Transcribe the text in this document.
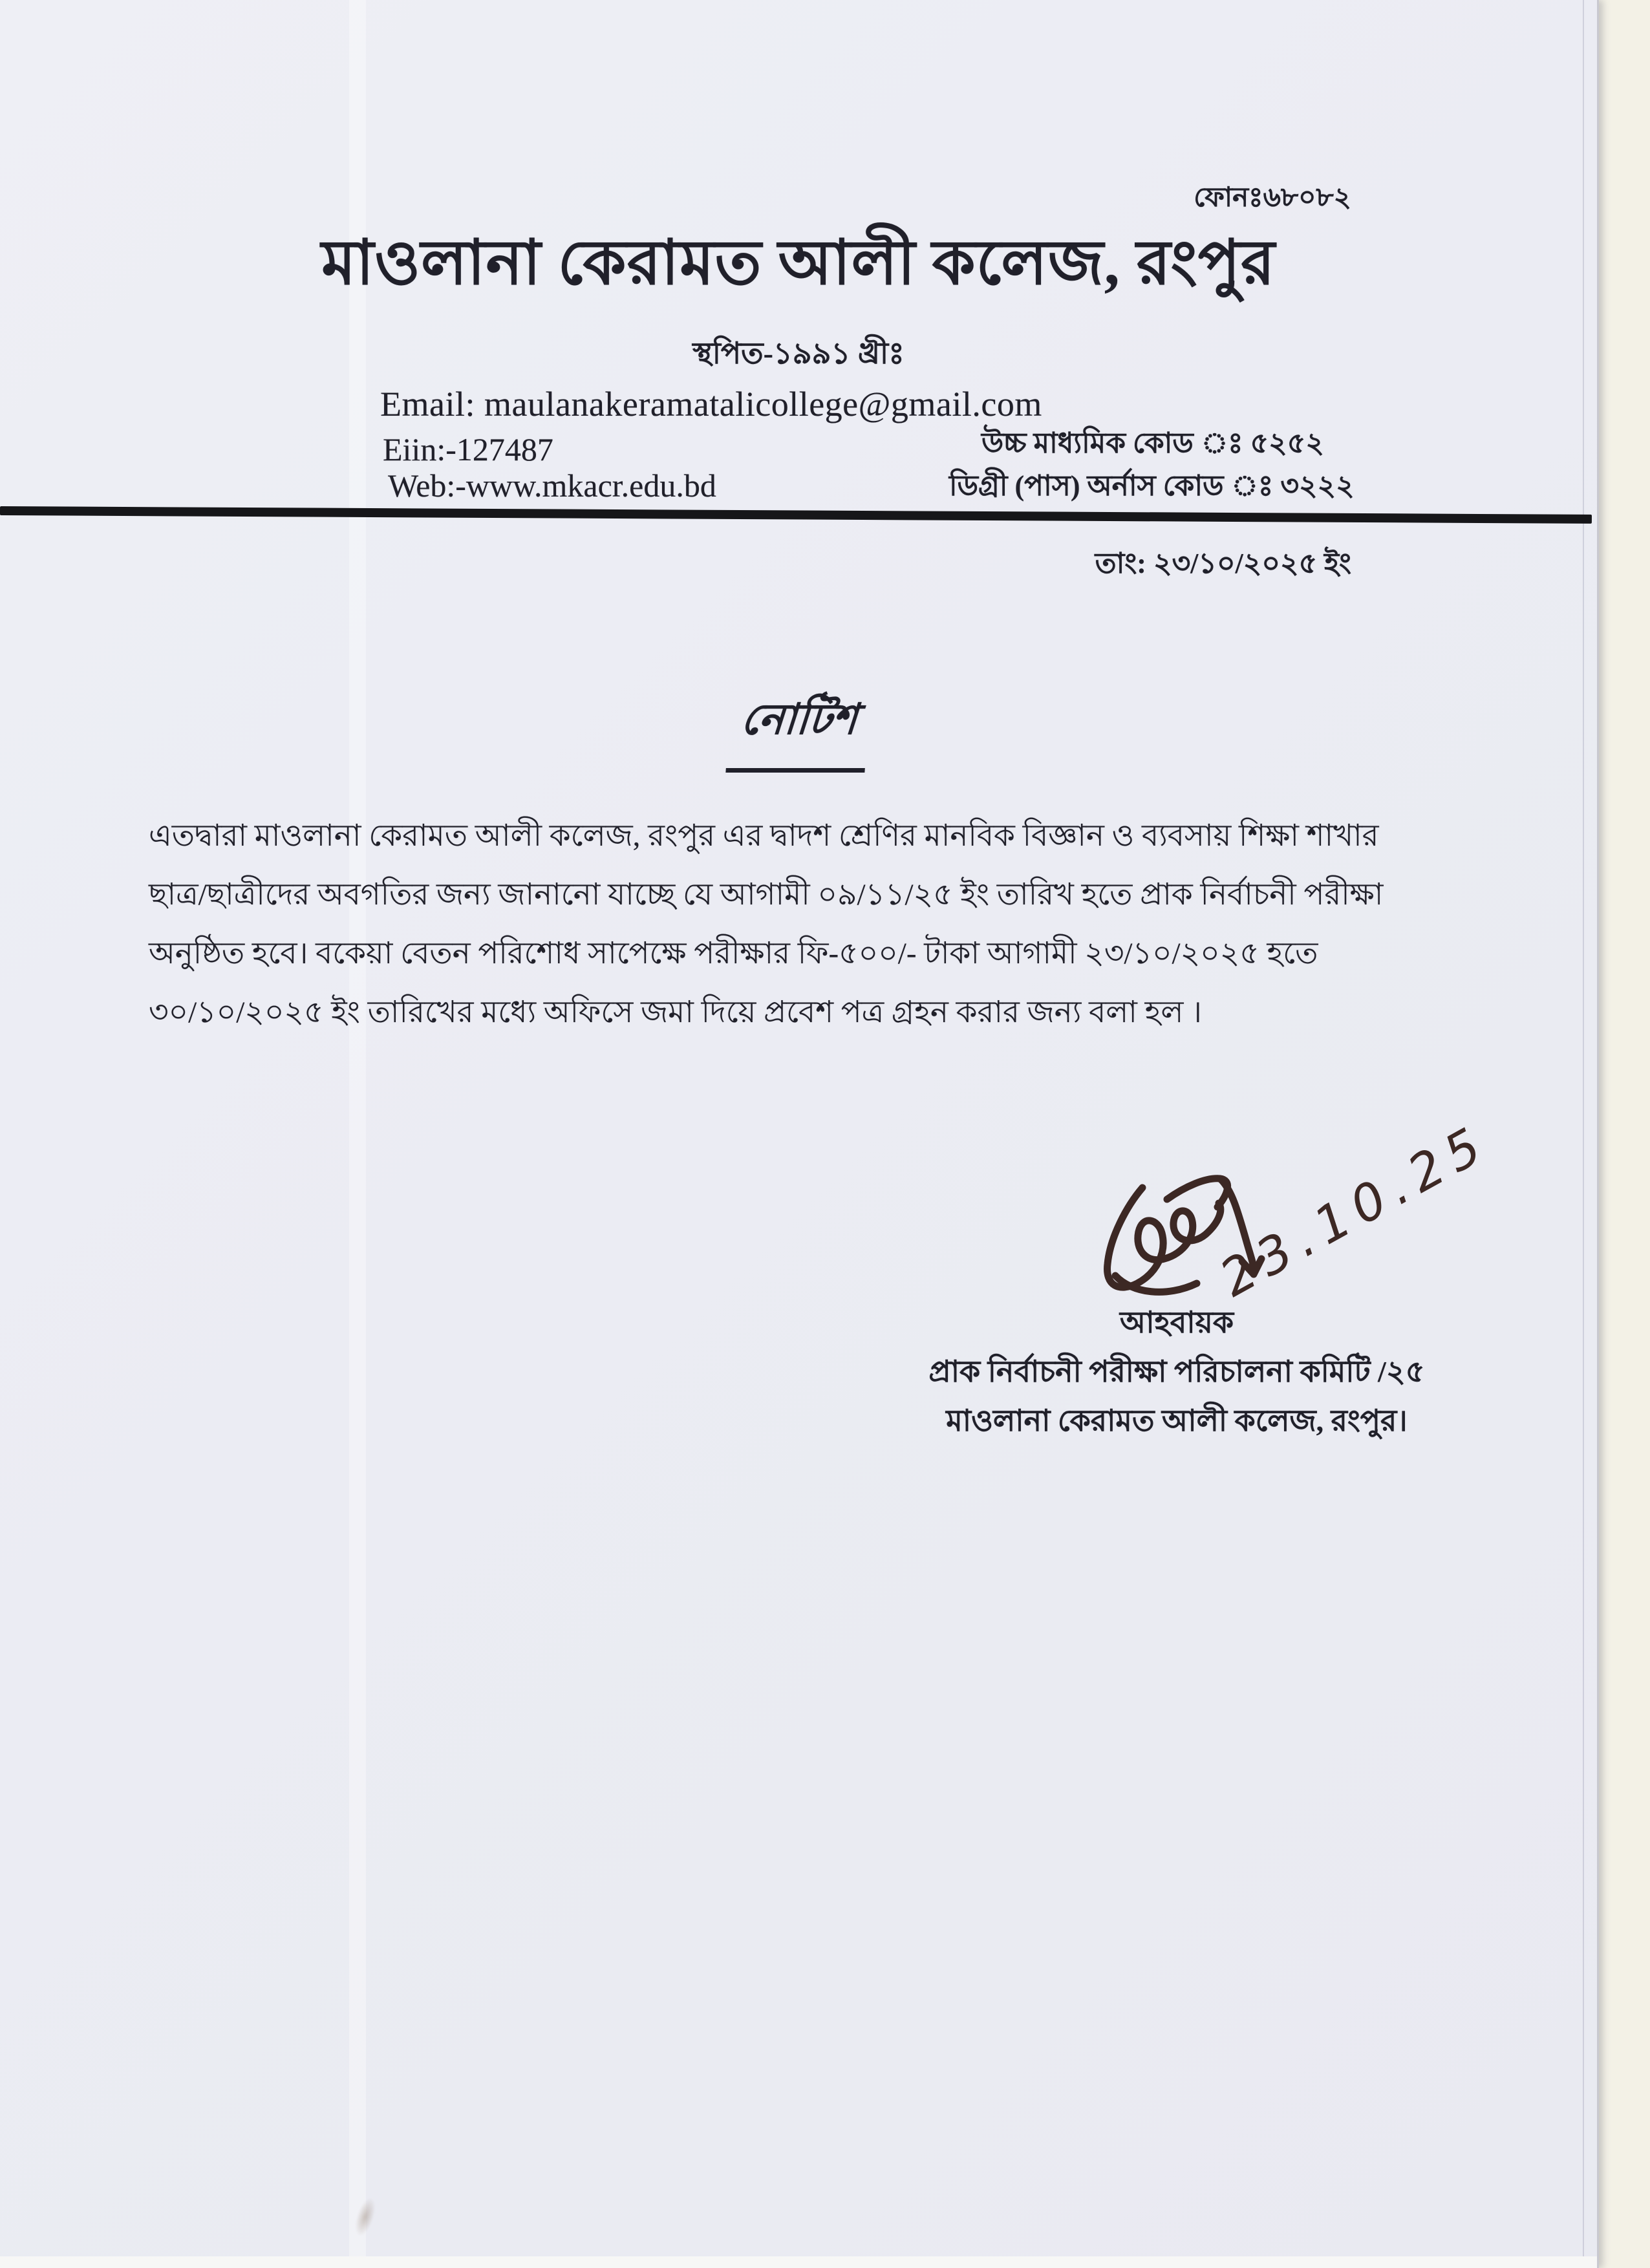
ফোনঃ৬৮০৮২
মাওলানা কেরামত আলী কলেজ, রংপুর
স্থপিত-১৯৯১ খ্রীঃ
Email: maulanakeramatalicollege@gmail.com
Eiin:-127487
Web:-www.mkacr.edu.bd
উচ্চ মাধ্যমিক কোড ঃ ৫২৫২
ডিগ্রী (পাস) অর্নাস কোড ঃ ৩২২২
তাং: ২৩/১০/২০২৫ ইং
নোটিশ
এতদ্বারা মাওলানা কেরামত আলী কলেজ, রংপুর এর দ্বাদশ শ্রেণির মানবিক বিজ্ঞান ও ব্যবসায় শিক্ষা শাখার
ছাত্র/ছাত্রীদের অবগতির জন্য জানানো যাচ্ছে যে আগামী ০৯/১১/২৫ ইং তারিখ হতে প্রাক নির্বাচনী পরীক্ষা
অনুষ্ঠিত হবে। বকেয়া বেতন পরিশোধ সাপেক্ষে পরীক্ষার ফি-৫০০/- টাকা আগামী ২৩/১০/২০২৫ হতে
৩০/১০/২০২৫ ইং তারিখের মধ্যে অফিসে জমা দিয়ে প্রবেশ পত্র গ্রহন করার জন্য বলা হল ।
23.10.25
আহবায়ক
প্রাক নির্বাচনী পরীক্ষা পরিচালনা কমিটি /২৫
মাওলানা কেরামত আলী কলেজ, রংপুর।
